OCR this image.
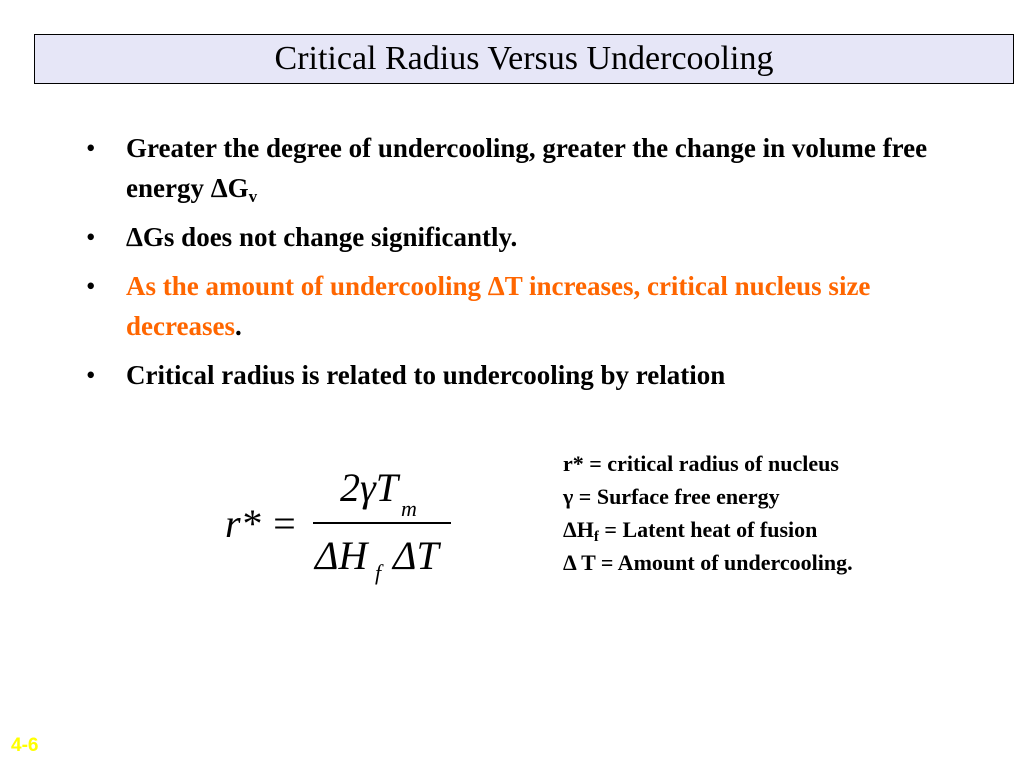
Critical Radius Versus Undercooling
•	Greater the degree of undercooling, greater the change in volume free energy $\Delta G_v$
•	ΔGs does not change significantly.
•	As the amount of undercooling ΔT increases, critical nucleus size decreases.
•	Critical radius is related to undercooling by relation
r* =
2γT m
ΔH f ΔT
r* = critical radius of nucleus
γ = Surface free energy
ΔHf = Latent heat of fusion
Δ T = Amount of undercooling.
4-6
